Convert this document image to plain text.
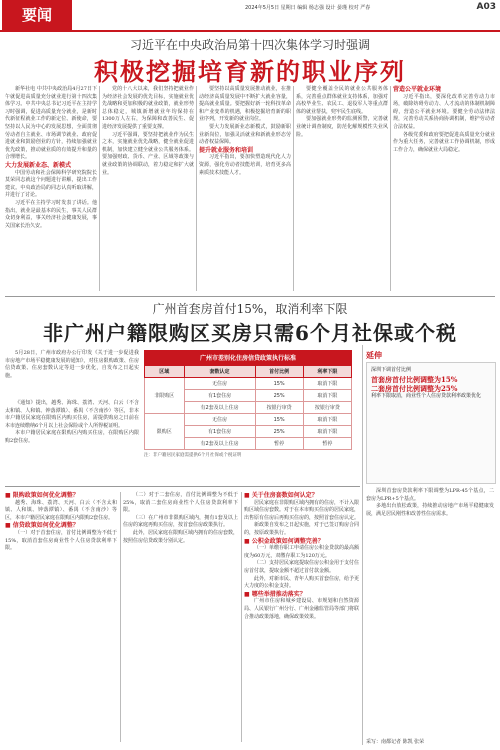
要闻	2024年5月5日 星期日 编辑 杨志强 设计 晏瑾 校对 严春	A03
习近平在中央政治局第十四次集体学习时强调
积极挖掘培育新的职业序列

新华社电 中共中央政治局4月27日下午就促进高质量充分就业进行第十四次集体学习。中共中央总书记习近平在主持学习时强调，促进高质量充分就业，是新时代新征程就业工作的新定位、新使命，要坚持以人民为中心的发展思想，全面贯彻劳动者自主就业、市场调节就业、政府促进就业和鼓励创业的方针，持续加强就业优先政策，推动就业质的有效提升和量的合理增长。

大力发展新业态、新模式

中国劳动和社会保障科学研究院院长莫荣同志就这个问题进行讲解，提出工作建议。中央政治局的同志认真听取讲解，并进行了讨论。

习近平在主持学习时发表了讲话。他指出，就业是最基本的民生，事关人民群众切身利益，事关经济社会健康发展，事关国家长治久安。

党的十八大以来，我们坚持把就业作为经济社会发展的优先目标，实施就业优先战略和更加积极的就业政策，就业形势总体稳定，城镇新增就业年均保持在1300万人左右，为保障和改善民生、促进经济发展提供了重要支撑。

习近平强调，要坚持把就业作为民生之本，实施就业优先战略，健全就业促进机制，加快建立健全就业公共服务体系。要加强财政、货币、产业、区域等政策与就业政策的协调联动，着力稳定和扩大就业。

要坚持以高质量发展推动就业，在推动经济高质量发展中不断扩大就业容量，提高就业质量。要把握好新一轮科技革命和产业变革的机遇，积极挖掘培育新的职业序列，开发新的就业岗位。

要大力发展新业态新模式，鼓励新职业新岗位，加强灵活就业和新就业形态劳动者权益保障。

提升就业服务和培训

习近平指出，要加快塑造现代化人力资源，强化劳动者技能培训，培育更多高素质技术技能人才。

要健全覆盖全民的就业公共服务体系，完善重点群体就业支持体系，加强对高校毕业生、农民工、退役军人等重点群体的就业帮扶，兜牢民生底线。

要加强就业形势的监测预警，完善就业统计调查制度，防范化解规模性失业风险。

营造公平就业环境

习近平指出，要深化改革完善劳动力市场，破除妨碍劳动力、人才流动的体制机制障碍，营造公平就业环境。要健全劳动法律法规，完善劳动关系协商协调机制，维护劳动者合法权益。

各级党委和政府要把促进高质量充分就业作为重大任务，完善就业工作协调机制，形成工作合力，确保就业大局稳定。

广州首套房首付15%，取消利率下限
非广州户籍限购区买房只需6个月社保或个税

5月28日，广州市政府办公厅印发《关于进一步促进我市房地产市场平稳健康发展的通知》，对住房限购政策、住房信贷政策、住房套数认定等进一步优化，自发布之日起实施。

《通知》提出，越秀、海珠、荔湾、天河、白云（不含太和镇、人和镇、钟落潭镇）、番禺（不含南沙）等区，非本市户籍居民家庭在限购区内购买住房，需提供购房之日前在本市连续缴纳6个月以上社会保险或个人所得税证明。

本市户籍居民家庭在限购区内购买住房，在限购区内限购2套住房。

广州市差别化住房信贷政策执行标准
区域	套数认定	首付比例	利率下限
非限购区	无住房	15%	取消下限
	有1套住房	25%	取消下限
	有2套及以上住房	按银行审贷	按银行审贷
限购区	无住房	15%	取消下限
	有1套住房	25%	取消下限
	有2套及以上住房	暂停	暂停
注：非户籍居民家庭需提供6个月社保或个税证明

■ 限购政策如何优化调整？

越秀、海珠、荔湾、天河、白云（不含太和镇、人和镇、钟落潭镇）、番禺（不含南沙）等区，本市户籍居民家庭在限购区内限购2套住房。

■ 信贷政策如何优化调整？

（一）对于首套住房，首付比例调整为不低于15%，取消首套住房商业性个人住房贷款利率下限。

（二）对于二套住房，首付比例调整为不低于25%，取消二套住房商业性个人住房贷款利率下限。

（三）在广州市非限购区域内，拥有1套及以上住房的家庭再购买住房，按首套住房政策执行。

此外，居民家庭在限购区域内拥有的住房套数，按照住房信贷政策分别认定。

■ 关于住房套数如何认定？

居民家庭在非限购区域内拥有的住房，不计入限购区域住房套数。对于在本市购买住房的居民家庭，出售原有住房后再购买住房的，按照首套住房认定。

新政策自发布之日起实施，对于已签订购房合同的，按原政策执行。

■ 公积金政策如何调整完善？

（一）单缴存职工申请住房公积金贷款的最高额度为60万元，双缴存职工为120万元。

（二）支持居民家庭提取住房公积金用于支付住房首付款，提取金额不超过首付款金额。

此外，对新市民、青年人购买首套住房，给予更大力度的公积金支持。

■ 哪些举措推动落实？

广州市住房和城乡建设局、市规划和自然资源局、人民银行广州分行、广州金融监管局等部门将联合推动政策落地，确保政策效果。

延伸
深圳下调首付比例
首套房首付比例调整为15%
二套房首付比例调整为25%
利率下限取消，商业性个人住房贷款利率政策优化

深圳首套房贷款利率下限调整为LPR-45个基点，二套房为LPR+5个基点。

多地出台放松政策，持续推动房地产市场平稳健康发展，满足居民刚性和改善性住房需求。

采写：南都记者 陈凯 张荣
